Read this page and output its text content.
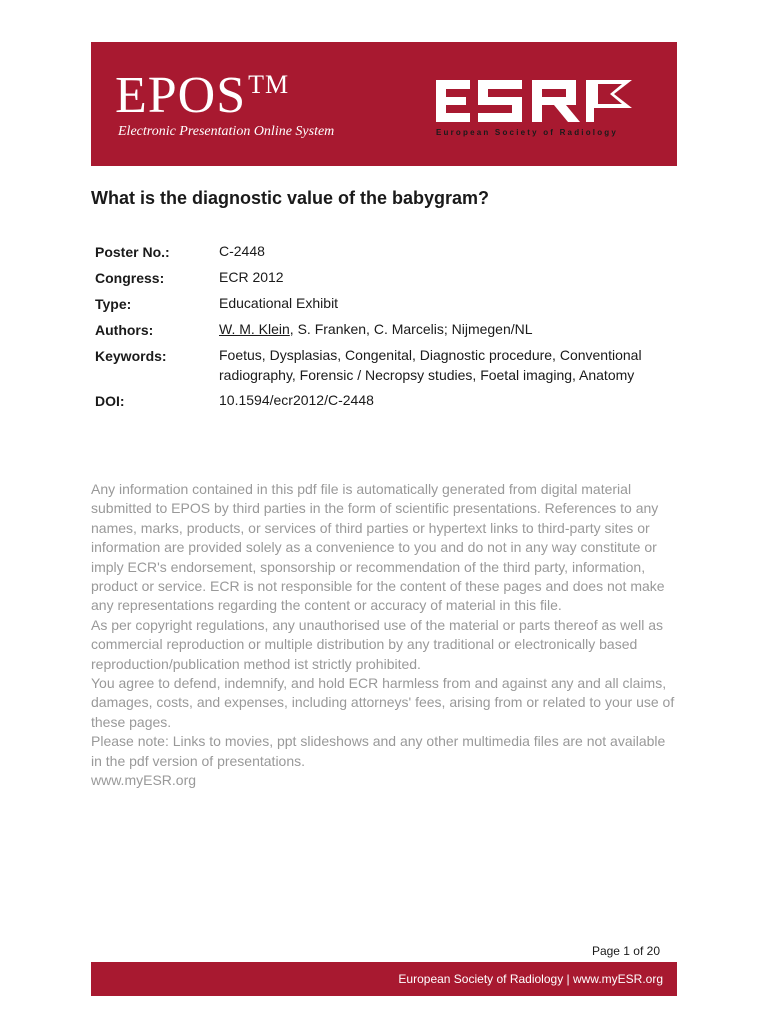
EPOS™
Electronic Presentation Online System	European Society of Radiology
What is the diagnostic value of the babygram?
Poster No.:	C-2448
Congress:	ECR 2012
Type:	Educational Exhibit
Authors:	W. M. Klein, S. Franken, C. Marcelis; Nijmegen/NL
Keywords:	Foetus, Dysplasias, Congenital, Diagnostic procedure, Conventional radiography, Forensic / Necropsy studies, Foetal imaging, Anatomy
DOI:	10.1594/ecr2012/C-2448

Any information contained in this pdf file is automatically generated from digital material submitted to EPOS by third parties in the form of scientific presentations. References to any names, marks, products, or services of third parties or hypertext links to third-party sites or information are provided solely as a convenience to you and do not in any way constitute or imply ECR's endorsement, sponsorship or recommendation of the third party, information, product or service. ECR is not responsible for the content of these pages and does not make any representations regarding the content or accuracy of material in this file.

As per copyright regulations, any unauthorised use of the material or parts thereof as well as commercial reproduction or multiple distribution by any traditional or electronically based reproduction/publication method ist strictly prohibited.

You agree to defend, indemnify, and hold ECR harmless from and against any and all claims, damages, costs, and expenses, including attorneys' fees, arising from or related to your use of these pages.

Please note: Links to movies, ppt slideshows and any other multimedia files are not available in the pdf version of presentations.

www.myESR.org

Page 1 of 20
European Society of Radiology | www.myESR.org
